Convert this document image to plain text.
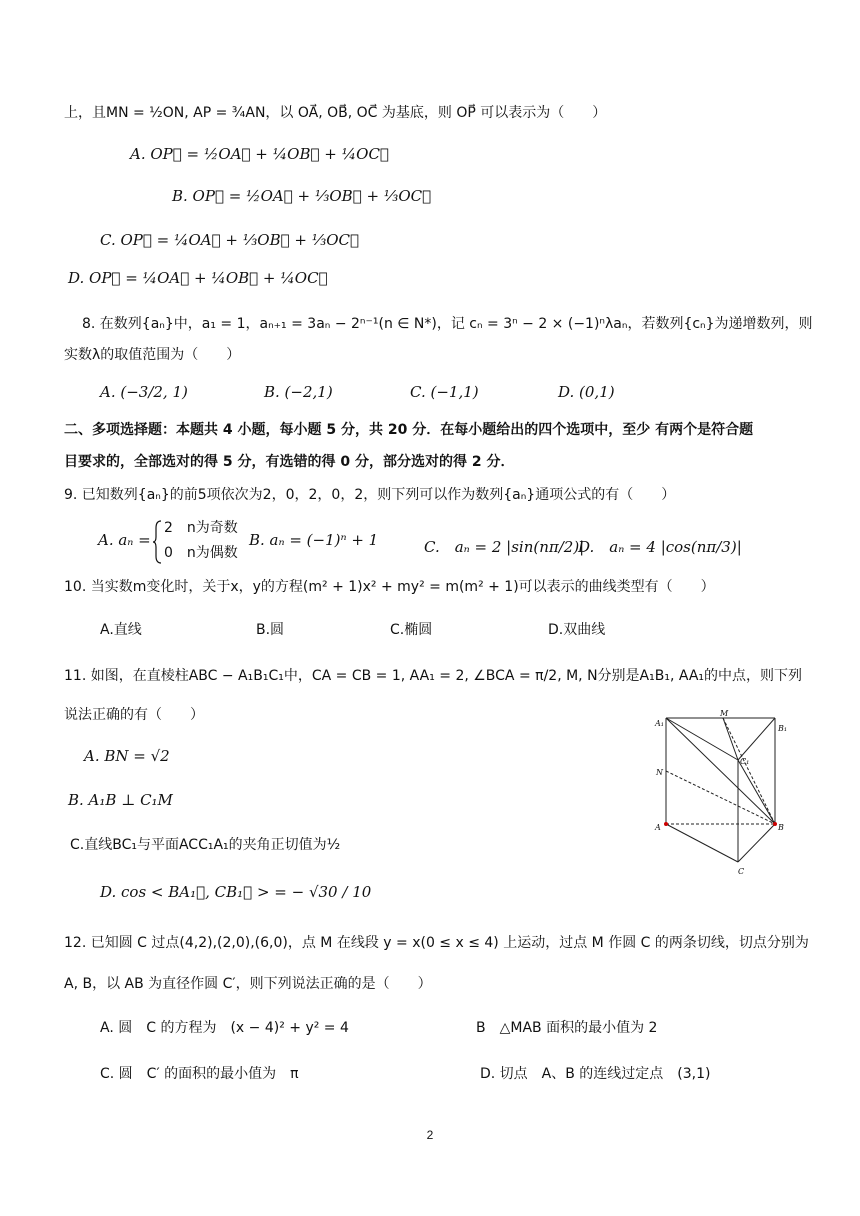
上，且MN = ½ON, AP = ¾AN，以 OA⃗, OB⃗, OC⃗ 为基底，则 OP⃗ 可以表示为（　　）
A. OP⃗ = ½OA⃗ + ¼OB⃗ + ¼OC⃗
B. OP⃗ = ½OA⃗ + ⅓OB⃗ + ⅓OC⃗
C. OP⃗ = ¼OA⃗ + ⅓OB⃗ + ⅓OC⃗
D. OP⃗ = ¼OA⃗ + ¼OB⃗ + ¼OC⃗
8. 在数列{aₙ}中，a₁ = 1，aₙ₊₁ = 3aₙ − 2ⁿ⁻¹(n ∈ N*)，记 cₙ = 3ⁿ − 2 × (−1)ⁿλaₙ，若数列{cₙ}为递增数列，则
实数λ的取值范围为（　　）
A. (−3/2, 1)	B. (−2,1)	C. (−1,1)	D. (0,1)
二、多项选择题：本题共 4 小题，每小题 5 分，共 20 分．在每小题给出的四个选项中，至少 有两个是符合题
目要求的，全部选对的得 5 分，有选错的得 0 分，部分选对的得 2 分．
9. 已知数列{aₙ}的前5项依次为2，0，2，0，2，则下列可以作为数列{aₙ}通项公式的有（　　）
A. aₙ =
2　n为奇数
0　n为偶数
B. aₙ = (−1)ⁿ + 1	C.　aₙ = 2 |sin(nπ/2)|
D.　aₙ = 4 |cos(nπ/3)|
10. 当实数m变化时，关于x，y的方程(m² + 1)x² + my² = m(m² + 1)可以表示的曲线类型有（　　）
A.直线	B.圆	C.椭圆	D.双曲线
11. 如图，在直棱柱ABC − A₁B₁C₁中，CA = CB = 1, AA₁ = 2, ∠BCA = π/2, M, N分别是A₁B₁, AA₁的中点，则下列
说法正确的有（　　）
A. BN = √2
B. A₁B ⊥ C₁M
C.直线BC₁与平面ACC₁A₁的夹角正切值为½
D. cos < BA₁⃗, CB₁⃗ > = − √30 / 10
A₁
M
B₁
C₁
N
A	B
C
12. 已知圆 C 过点(4,2),(2,0),(6,0)，点 M 在线段 y = x(0 ≤ x ≤ 4) 上运动，过点 M 作圆 C 的两条切线，切点分别为
A, B，以 AB 为直径作圆 C′，则下列说法正确的是（　　）
A. 圆　C 的方程为　(x − 4)² + y² = 4	B　△MAB 面积的最小值为 2
C. 圆　C′ 的面积的最小值为　π	D. 切点　A、B 的连线过定点　(3,1)
2
